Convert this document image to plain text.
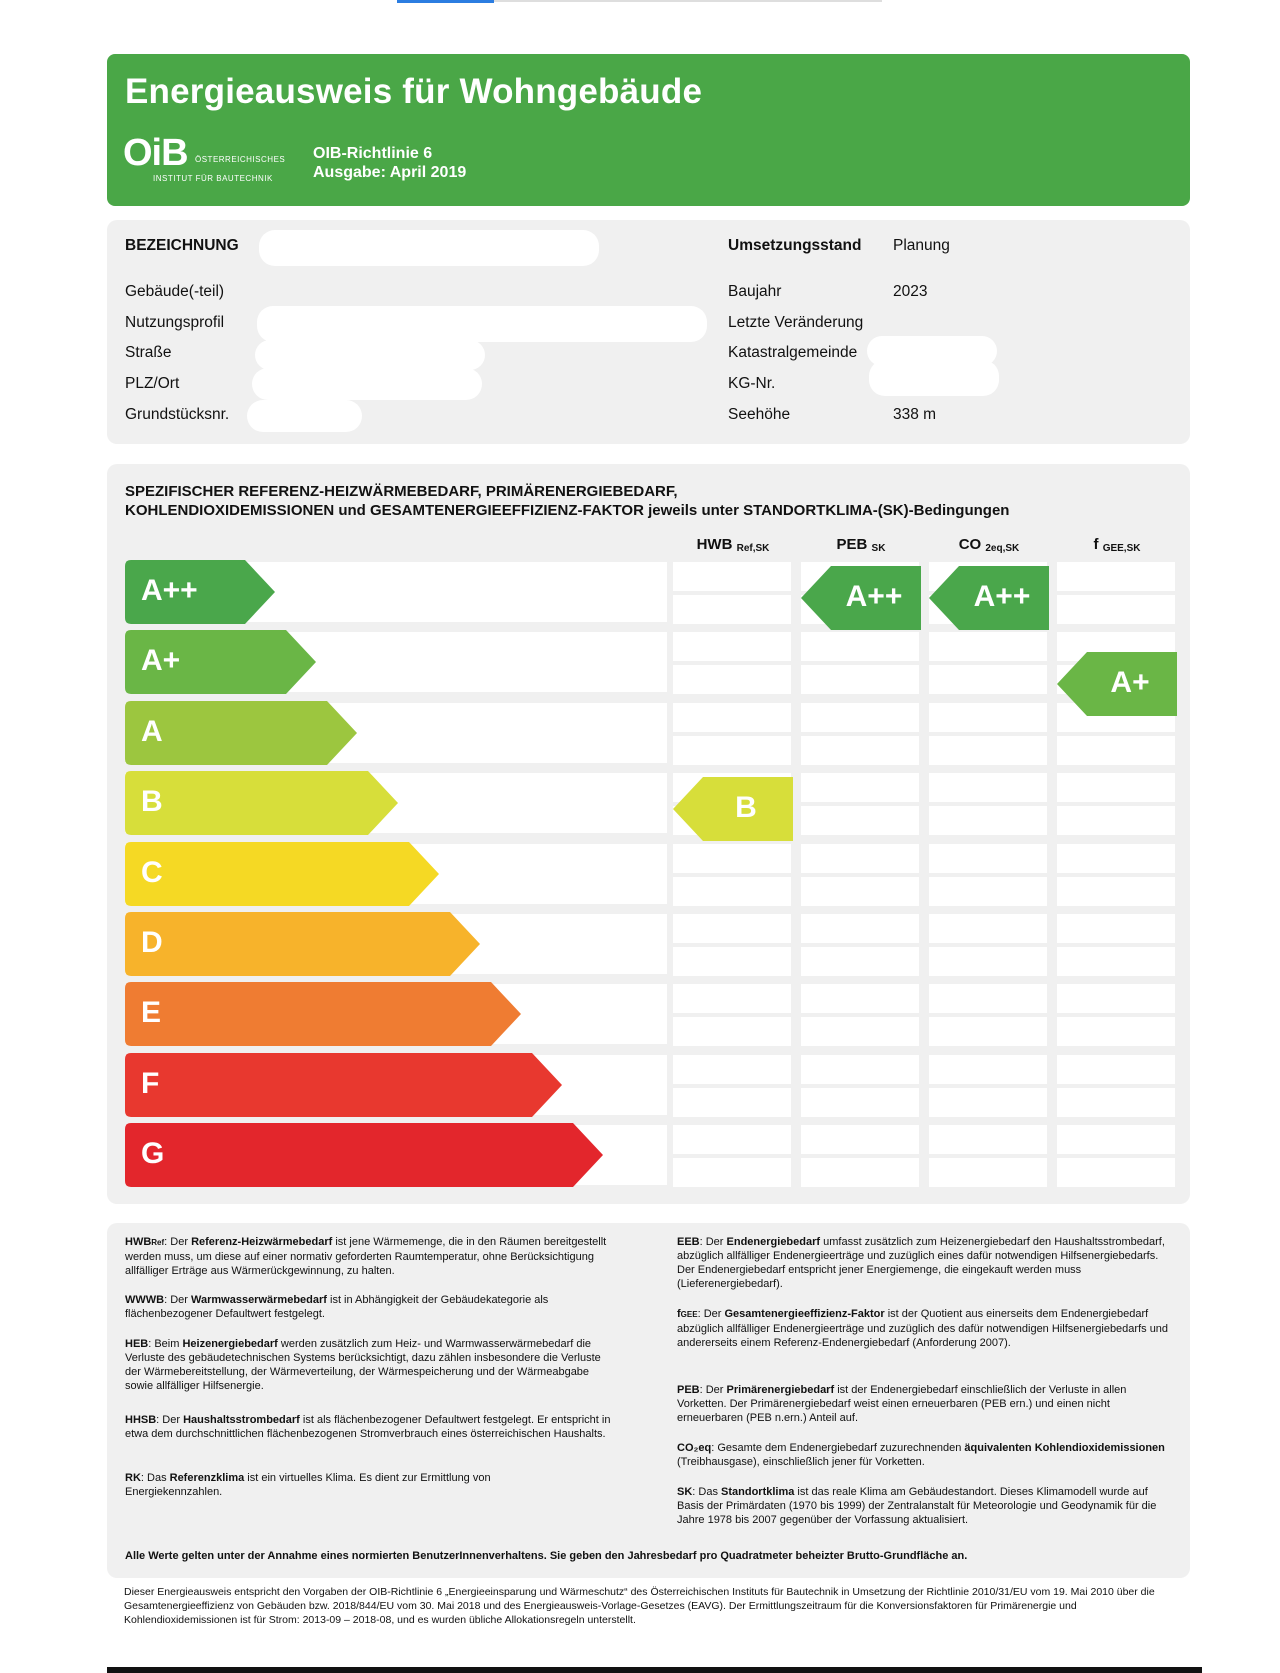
Energieausweis für Wohngebäude
OiB ÖSTERREICHISCHES
INSTITUT FÜR BAUTECHNIK
OIB-Richtlinie 6
Ausgabe: April 2019
BEZEICHNUNG
Gebäude(-teil)
Nutzungsprofil
Straße
PLZ/Ort
Grundstücksnr.
Umsetzungsstand Planung
Baujahr	2023
Letzte Veränderung
Katastralgemeinde
KG-Nr.
Seehöhe	338 m
SPEZIFISCHER REFERENZ-HEIZWÄRMEBEDARF, PRIMÄRENERGIEBEDARF,
KOHLENDIOXIDEMISSIONEN und GESAMTENERGIEEFFIZIENZ-FAKTOR jeweils unter STANDORTKLIMA-(SK)-Bedingungen
HWB $_{Ref,SK}$	PEB $_{SK}$	CO $_{2eq,SK}$	f $_{GEE,SK}$
A++
A+
A
B
C
D
E
F
G
B
A++	A++
A+

HWBRef: Der Referenz-Heizwärmebedarf ist jene Wärmemenge, die in den Räumen bereitgestellt werden muss, um diese auf einer normativ geforderten Raumtemperatur, ohne Berücksichtigung allfälliger Erträge aus Wärmerückgewinnung, zu halten.

WWWB: Der Warmwasserwärmebedarf ist in Abhängigkeit der Gebäudekategorie als flächenbezogener Defaultwert festgelegt.

HEB: Beim Heizenergiebedarf werden zusätzlich zum Heiz- und Warmwasserwärmebedarf die Verluste des gebäudetechnischen Systems berücksichtigt, dazu zählen insbesondere die Verluste der Wärmebereitstellung, der Wärmeverteilung, der Wärmespeicherung und der Wärmeabgabe sowie allfälliger Hilfsenergie.

HHSB: Der Haushaltsstrombedarf ist als flächenbezogener Defaultwert festgelegt. Er entspricht in etwa dem durchschnittlichen flächenbezogenen Stromverbrauch eines österreichischen Haushalts.

RK: Das Referenzklima ist ein virtuelles Klima. Es dient zur Ermittlung von Energiekennzahlen.

EEB: Der Endenergiebedarf umfasst zusätzlich zum Heizenergiebedarf den Haushaltsstrombedarf, abzüglich allfälliger Endenergieerträge und zuzüglich eines dafür notwendigen Hilfsenergiebedarfs. Der Endenergiebedarf entspricht jener Energiemenge, die eingekauft werden muss (Lieferenergiebedarf).

fGEE: Der Gesamtenergieeffizienz-Faktor ist der Quotient aus einerseits dem Endenergiebedarf abzüglich allfälliger Endenergieerträge und zuzüglich des dafür notwendigen Hilfsenergiebedarfs und andererseits einem Referenz-Endenergiebedarf (Anforderung 2007).

PEB: Der Primärenergiebedarf ist der Endenergiebedarf einschließlich der Verluste in allen Vorketten. Der Primärenergiebedarf weist einen erneuerbaren (PEB ern.) und einen nicht erneuerbaren (PEB n.ern.) Anteil auf.

CO₂eq: Gesamte dem Endenergiebedarf zuzurechnenden äquivalenten Kohlendioxidemissionen (Treibhausgase), einschließlich jener für Vorketten.

SK: Das Standortklima ist das reale Klima am Gebäudestandort. Dieses Klimamodell wurde auf Basis der Primärdaten (1970 bis 1999) der Zentralanstalt für Meteorologie und Geodynamik für die Jahre 1978 bis 2007 gegenüber der Vorfassung aktualisiert.

Alle Werte gelten unter der Annahme eines normierten BenutzerInnenverhaltens. Sie geben den Jahresbedarf pro Quadratmeter beheizter Brutto-Grundfläche an.

Dieser Energieausweis entspricht den Vorgaben der OIB-Richtlinie 6 „Energieeinsparung und Wärmeschutz“ des Österreichischen Instituts für Bautechnik in Umsetzung der Richtlinie 2010/31/EU vom 19. Mai 2010 über die Gesamtenergieeffizienz von Gebäuden bzw. 2018/844/EU vom 30. Mai 2018 und des Energieausweis-Vorlage-Gesetzes (EAVG). Der Ermittlungszeitraum für die Konversionsfaktoren für Primärenergie und Kohlendioxidemissionen ist für Strom: 2013-09 – 2018-08, und es wurden übliche Allokationsregeln unterstellt.
